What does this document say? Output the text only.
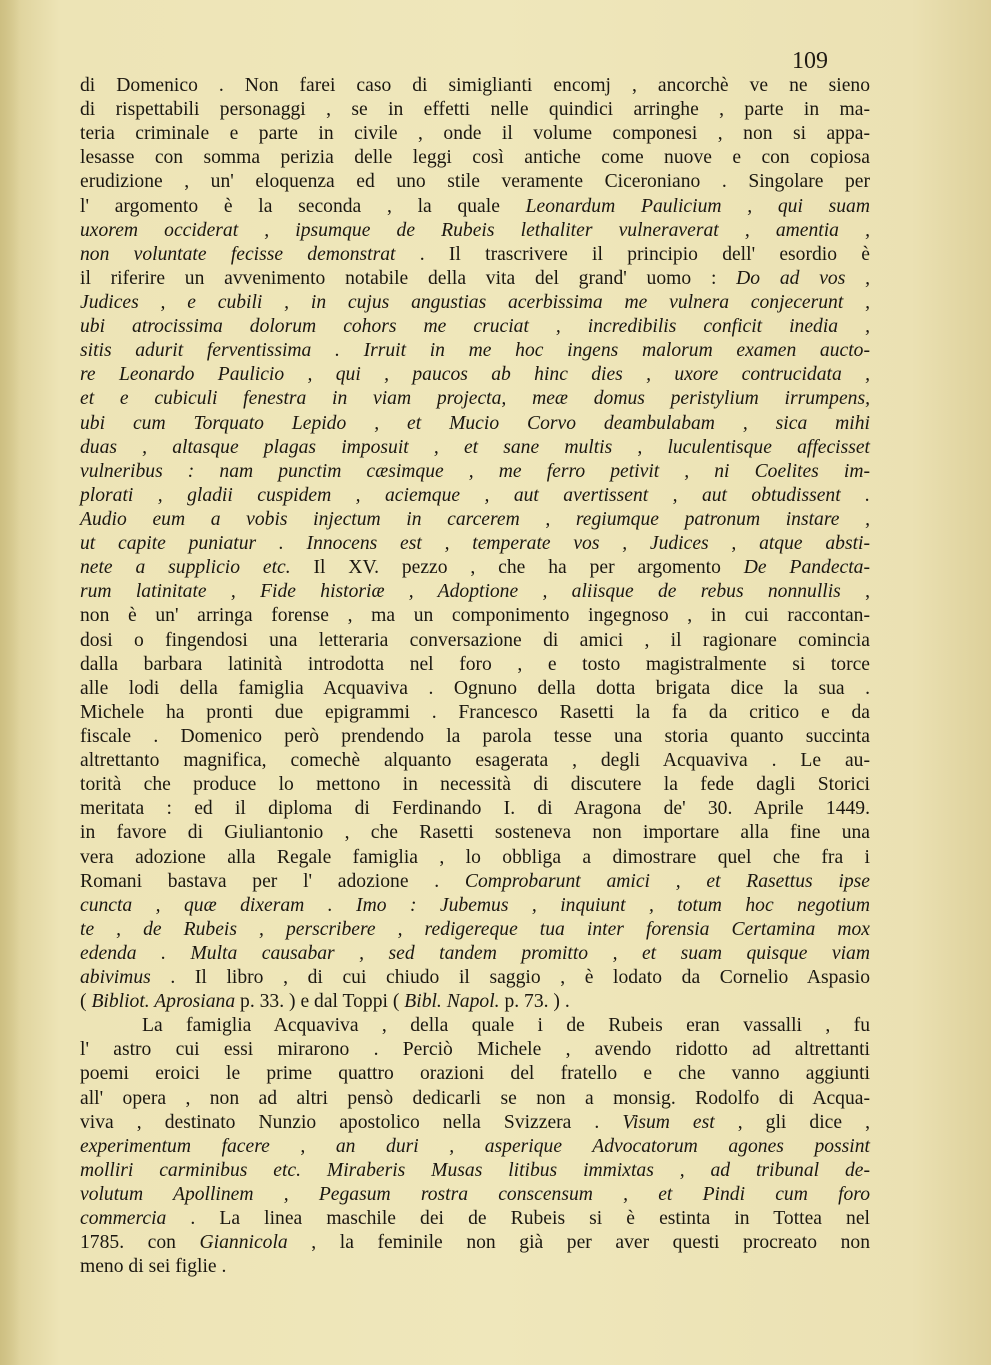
109
di Domenico . Non farei caso di simiglianti encomj , ancorchè ve ne sieno
di rispettabili personaggi , se in effetti nelle quindici arringhe , parte in ma-
teria criminale e parte in civile , onde il volume componesi , non si appa-
lesasse con somma perizia delle leggi così antiche come nuove e con copiosa
erudizione , un' eloquenza ed uno stile veramente Ciceroniano . Singolare per
l' argomento è la seconda , la quale Leonardum Paulicium , qui suam
uxorem occiderat , ipsumque de Rubeis lethaliter vulneraverat , amentia ,
non voluntate fecisse demonstrat . Il trascrivere il principio dell' esordio è
il riferire un avvenimento notabile della vita del grand' uomo : Do ad vos ,
Judices , e cubili , in cujus angustias acerbissima me vulnera conjecerunt ,
ubi atrocissima dolorum cohors me cruciat , incredibilis conficit inedia ,
sitis adurit ferventissima . Irruit in me hoc ingens malorum examen aucto-
re Leonardo Paulicio , qui , paucos ab hinc dies , uxore contrucidata ,
et e cubiculi fenestra in viam projecta, meæ domus peristylium irrumpens,
ubi cum Torquato Lepido , et Mucio Corvo deambulabam , sica mihi
duas , altasque plagas imposuit , et sane multis , luculentisque affecisset
vulneribus : nam punctim cæsimque , me ferro petivit , ni Coelites im-
plorati , gladii cuspidem , aciemque , aut avertissent , aut obtudissent .
Audio eum a vobis injectum in carcerem , regiumque patronum instare ,
ut capite puniatur . Innocens est , temperate vos , Judices , atque absti-
nete a supplicio etc. Il XV. pezzo , che ha per argomento De Pandecta-
rum latinitate , Fide historiæ , Adoptione , aliisque de rebus nonnullis ,
non è un' arringa forense , ma un componimento ingegnoso , in cui raccontan-
dosi o fingendosi una letteraria conversazione di amici , il ragionare comincia
dalla barbara latinità introdotta nel foro , e tosto magistralmente si torce
alle lodi della famiglia Acquaviva . Ognuno della dotta brigata dice la sua .
Michele ha pronti due epigrammi . Francesco Rasetti la fa da critico e da
fiscale . Domenico però prendendo la parola tesse una storia quanto succinta
altrettanto magnifica, comechè alquanto esagerata , degli Acquaviva . Le au-
torità che produce lo mettono in necessità di discutere la fede dagli Storici
meritata : ed il diploma di Ferdinando I. di Aragona de' 30. Aprile 1449.
in favore di Giuliantonio , che Rasetti sosteneva non importare alla fine una
vera adozione alla Regale famiglia , lo obbliga a dimostrare quel che fra i
Romani bastava per l' adozione . Comprobarunt amici , et Rasettus ipse
cuncta , quæ dixeram . Imo : Jubemus , inquiunt , totum hoc negotium
te , de Rubeis , perscribere , redigereque tua inter forensia Certamina mox
edenda . Multa causabar , sed tandem promitto , et suam quisque viam
abivimus . Il libro , di cui chiudo il saggio , è lodato da Cornelio Aspasio
( Bibliot. Aprosiana p. 33. ) e dal Toppi ( Bibl. Napol. p. 73. ) .
La famiglia Acquaviva , della quale i de Rubeis eran vassalli , fu
l' astro cui essi mirarono . Perciò Michele , avendo ridotto ad altrettanti
poemi eroici le prime quattro orazioni del fratello e che vanno aggiunti
all' opera , non ad altri pensò dedicarli se non a monsig. Rodolfo di Acqua-
viva , destinato Nunzio apostolico nella Svizzera . Visum est , gli dice ,
experimentum facere , an duri , asperique Advocatorum agones possint
molliri carminibus etc. Miraberis Musas litibus immixtas , ad tribunal de-
volutum Apollinem , Pegasum rostra conscensum , et Pindi cum foro
commercia . La linea maschile dei de Rubeis si è estinta in Tottea nel
1785. con Giannicola , la feminile non già per aver questi procreato non
meno di sei figlie .
